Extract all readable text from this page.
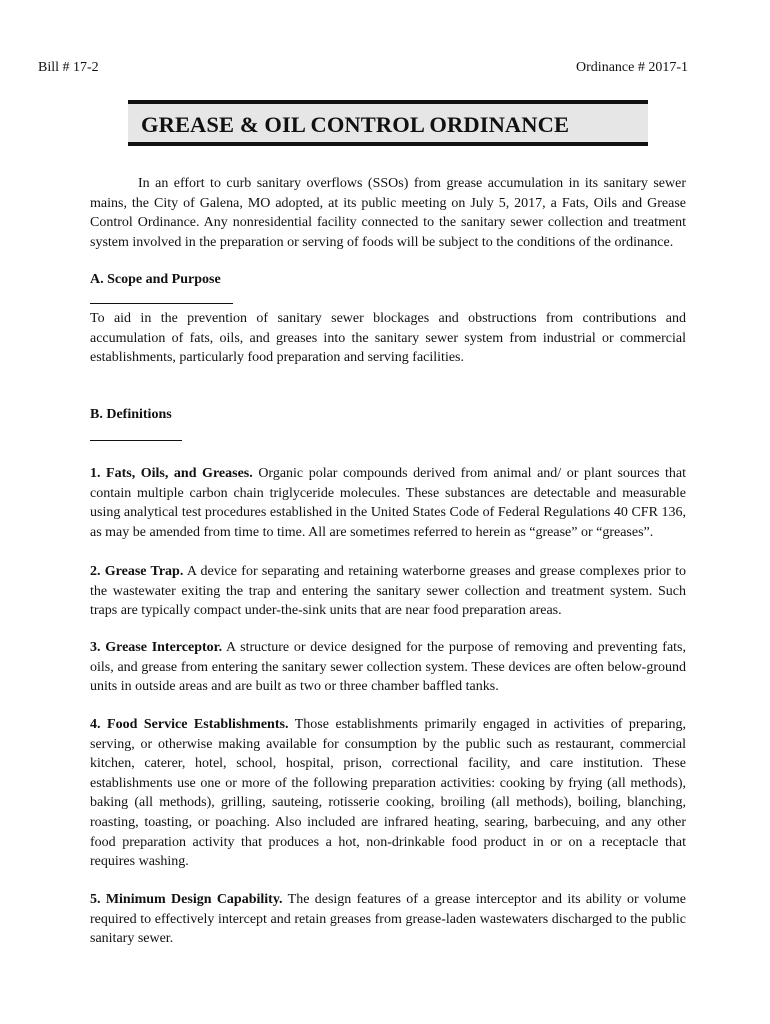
Bill # 17-2	Ordinance # 2017-1
GREASE & OIL CONTROL ORDINANCE

In an effort to curb sanitary overflows (SSOs) from grease accumulation in its sanitary sewer mains, the City of Galena, MO adopted, at its public meeting on July 5, 2017, a Fats, Oils and Grease Control Ordinance. Any nonresidential facility connected to the sanitary sewer collection and treatment system involved in the preparation or serving of foods will be subject to the conditions of the ordinance.

A. Scope and Purpose

To aid in the prevention of sanitary sewer blockages and obstructions from contributions and accumulation of fats, oils, and greases into the sanitary sewer system from industrial or commercial establishments, particularly food preparation and serving facilities.

B. Definitions

1. Fats, Oils, and Greases. Organic polar compounds derived from animal and/ or plant sources that contain multiple carbon chain triglyceride molecules. These substances are detectable and measurable using analytical test procedures established in the United States Code of Federal Regulations 40 CFR 136, as may be amended from time to time. All are sometimes referred to herein as “grease” or “greases”.

2. Grease Trap. A device for separating and retaining waterborne greases and grease complexes prior to the wastewater exiting the trap and entering the sanitary sewer collection and treatment system. Such traps are typically compact under-the-sink units that are near food preparation areas.

3. Grease Interceptor. A structure or device designed for the purpose of removing and preventing fats, oils, and grease from entering the sanitary sewer collection system. These devices are often below-ground units in outside areas and are built as two or three chamber baffled tanks.

4. Food Service Establishments. Those establishments primarily engaged in activities of preparing, serving, or otherwise making available for consumption by the public such as restaurant, commercial kitchen, caterer, hotel, school, hospital, prison, correctional facility, and care institution. These establishments use one or more of the following preparation activities: cooking by frying (all methods), baking (all methods), grilling, sauteing, rotisserie cooking, broiling (all methods), boiling, blanching, roasting, toasting, or poaching. Also included are infrared heating, searing, barbecuing, and any other food preparation activity that produces a hot, non-drinkable food product in or on a receptacle that requires washing.

5. Minimum Design Capability. The design features of a grease interceptor and its ability or volume required to effectively intercept and retain greases from grease-laden wastewaters discharged to the public sanitary sewer.
